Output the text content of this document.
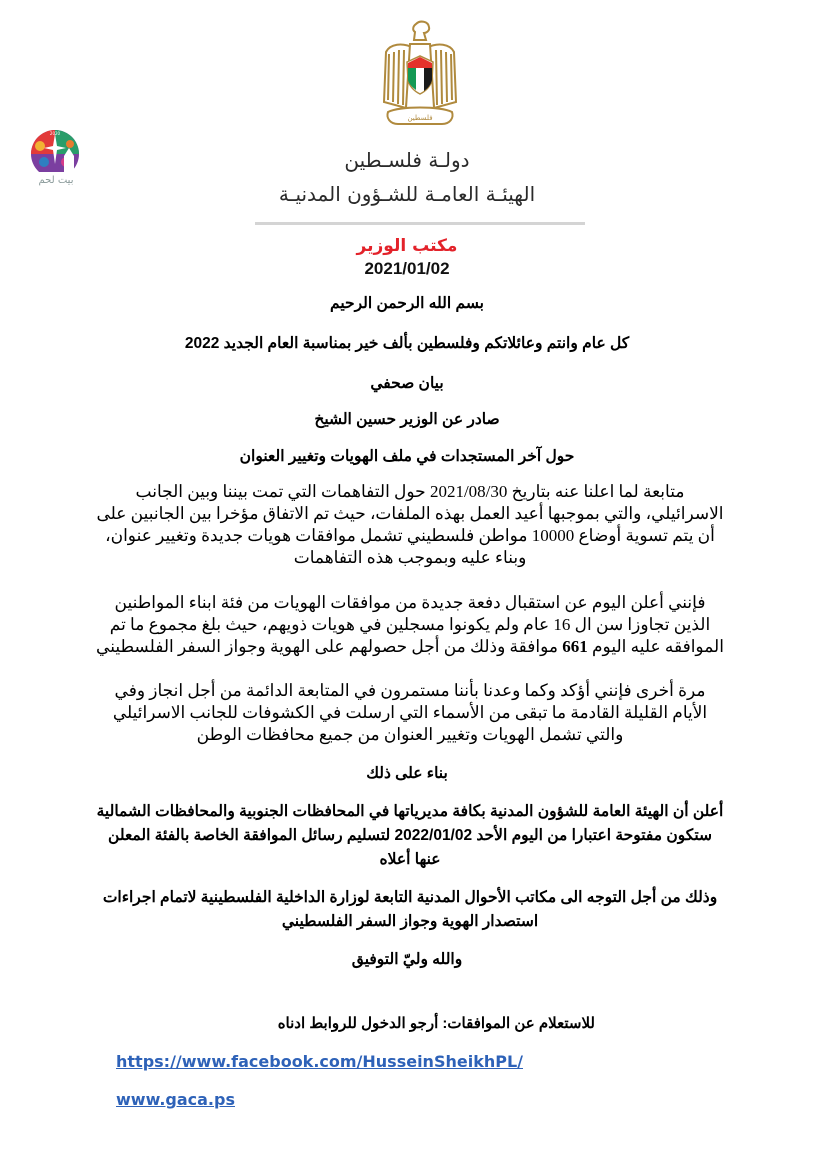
فلسطين
بيت لحم
2020
دولـة فلسـطين
الهيئـة العامـة للشـؤون المدنيـة
مكتب الوزير
2021/01/02
بسم الله الرحمن الرحيم
كل عام وانتم وعائلاتكم وفلسطين بألف خير بمناسبة العام الجديد 2022
بيان صحفي
صادر عن الوزير حسين الشيخ
حول آخر المستجدات في ملف الهويات وتغيير العنوان
متابعة لما اعلنا عنه بتاريخ 2021/08/30 حول التفاهمات التي تمت بيننا وبين الجانب الاسرائيلي، والتي بموجبها أعيد العمل بهذه الملفات، حيث تم الاتفاق مؤخرا بين الجانبين على أن يتم تسوية أوضاع 10000 مواطن فلسطيني تشمل موافقات هويات جديدة وتغيير عنوان، وبناء عليه وبموجب هذه التفاهمات
فإنني أعلن اليوم عن استقبال دفعة جديدة من موافقات الهويات من فئة ابناء المواطنين الذين تجاوزا سن ال 16 عام ولم يكونوا مسجلين في هويات ذويهم، حيث بلغ مجموع ما تم الموافقه عليه اليوم 661 موافقة وذلك من أجل حصولهم على الهوية وجواز السفر الفلسطيني
مرة أخرى فإنني أؤكد وكما وعدنا بأننا مستمرون في المتابعة الدائمة من أجل انجاز وفي الأيام القليلة القادمة ما تبقى من الأسماء التي ارسلت في الكشوفات للجانب الاسرائيلي والتي تشمل الهويات وتغيير العنوان من جميع محافظات الوطن
بناء على ذلك
أعلن أن الهيئة العامة للشؤون المدنية بكافة مديرياتها في المحافظات الجنوبية والمحافظات الشمالية ستكون مفتوحة اعتبارا من اليوم الأحد 2022/01/02 لتسليم رسائل الموافقة الخاصة بالفئة المعلن عنها أعلاه
وذلك من أجل التوجه الى مكاتب الأحوال المدنية التابعة لوزارة الداخلية الفلسطينية لاتمام اجراءات استصدار الهوية وجواز السفر الفلسطيني
والله وليّ التوفيق
للاستعلام عن الموافقات: أرجو الدخول للروابط ادناه
https://www.facebook.com/HusseinSheikhPL/
www.gaca.ps
